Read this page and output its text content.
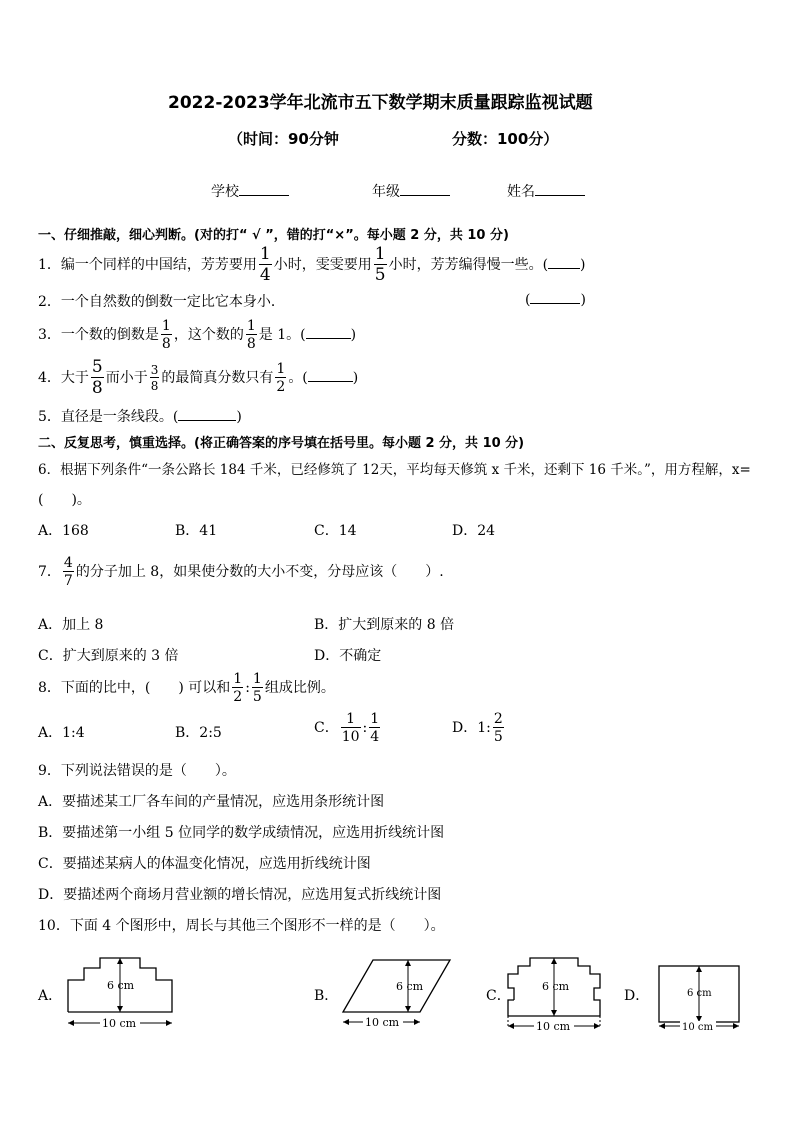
2022-2023学年北流市五下数学期末质量跟踪监视试题
（时间：90分钟	分数：100分）
学校	年级	姓名
一、仔细推敲，细心判断。(对的打“ √ ”，错的打“×”。每小题 2 分，共 10 分)
1．编一个同样的中国结，芳芳要用 $\frac{1}{4}$ 小时，雯雯要用 $\frac{1}{5}$ 小时，芳芳编得慢一些。( )
2．一个自然数的倒数一定比它本身小．	(	)
3．一个数的倒数是 $\frac{1}{8}$ ，这个数的 $\frac{1}{8}$ 是 1。(	)
4．大于 $\frac{5}{8}$ 而小于 $\frac{3}{8}$ 的最简真分数只有 $\frac{1}{2}$ 。(	)
5．直径是一条线段。(	)
二、反复思考，慎重选择。(将正确答案的序号填在括号里。每小题 2 分，共 10 分)
6．根据下列条件“一条公路长 184 千米，已经修筑了 12天，平均每天修筑 x 千米，还剩下 16 千米。”，用方程解，x=
(　　)。
A．168	B．41	C．14	D．24
7． $\frac{4}{7}$ 的分子加上 8，如果使分数的大小不变，分母应该（　　）.
A．加上 8	B．扩大到原来的 8 倍
C．扩大到原来的 3 倍	D．不确定
8．下面的比中，(　　) 可以和 $\frac{1}{2}$ : $\frac{1}{5}$ 组成比例。
A．1:4	B．2:5	C． $\frac{1}{10}$ : $\frac{1}{4}$	D．1: $\frac{2}{5}$
9．下列说法错误的是（　　）。
A．要描述某工厂各车间的产量情况，应选用条形统计图
B．要描述第一小组 5 位同学的数学成绩情况，应选用折线统计图
C．要描述某病人的体温变化情况，应选用折线统计图
D．要描述两个商场月营业额的增长情况，应选用复式折线统计图
10．下面 4 个图形中，周长与其他三个图形不一样的是（　　）。
A．	B．	C．	D．
6 cm
10 cm
6 cm
10 cm
6 cm
10 cm
6 cm
10 cm
